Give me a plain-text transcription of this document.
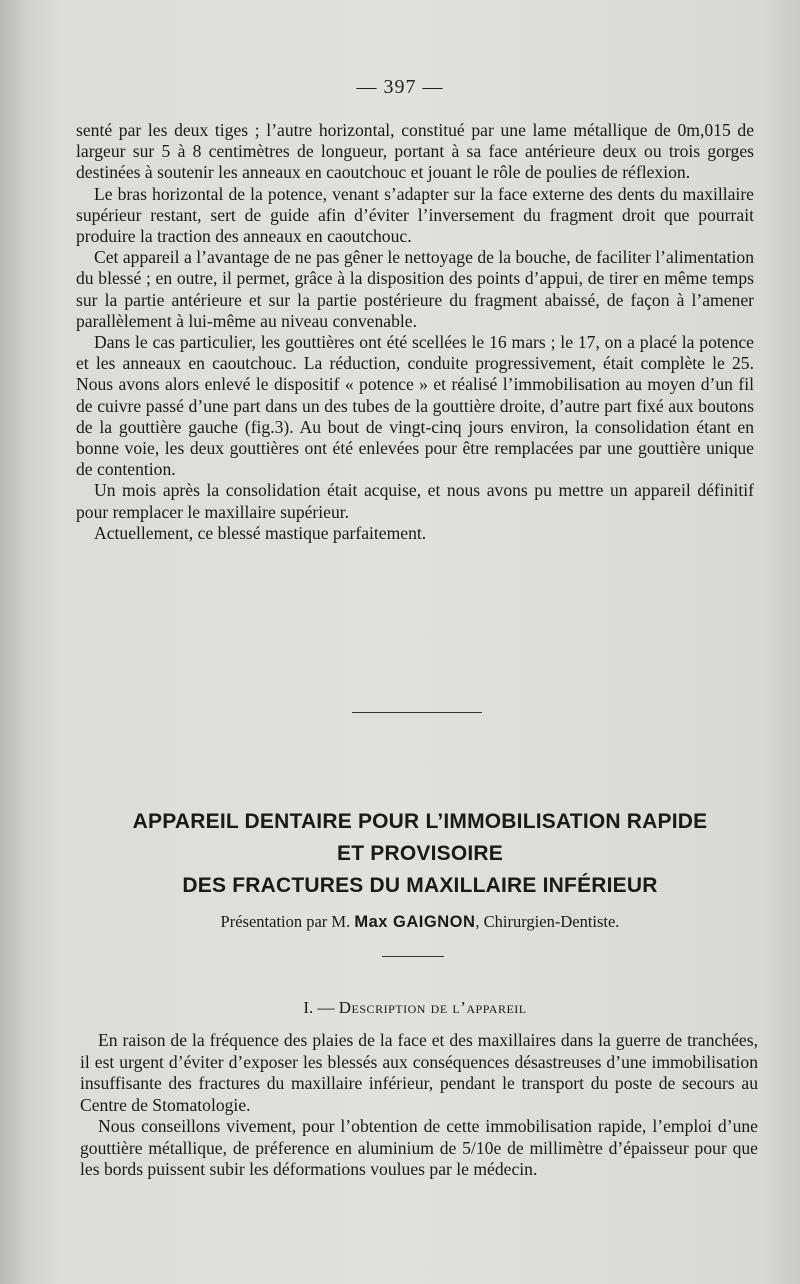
— 397 —

senté par les deux tiges ; l’autre horizontal, constitué par une lame métallique de 0m,015 de largeur sur 5 à 8 centimètres de longueur, portant à sa face antérieure deux ou trois gorges destinées à soutenir les anneaux en caoutchouc et jouant le rôle de poulies de réflexion.

Le bras horizontal de la potence, venant s’adapter sur la face externe des dents du maxillaire supérieur restant, sert de guide afin d’éviter l’inversement du fragment droit que pourrait produire la traction des anneaux en caoutchouc.

Cet appareil a l’avantage de ne pas gêner le nettoyage de la bouche, de faciliter l’alimentation du blessé ; en outre, il permet, grâce à la disposition des points d’appui, de tirer en même temps sur la partie antérieure et sur la partie postérieure du fragment abaissé, de façon à l’amener parallèlement à lui-même au niveau convenable.

Dans le cas particulier, les gouttières ont été scellées le 16 mars ; le 17, on a placé la potence et les anneaux en caoutchouc. La réduction, conduite progressivement, était complète le 25. Nous avons alors enlevé le dispositif « potence » et réalisé l’immobilisation au moyen d’un fil de cuivre passé d’une part dans un des tubes de la gouttière droite, d’autre part fixé aux boutons de la gouttière gauche (fig.3). Au bout de vingt-cinq jours environ, la consolidation étant en bonne voie, les deux gouttières ont été enlevées pour être remplacées par une gouttière unique de contention.

Un mois après la consolidation était acquise, et nous avons pu mettre un appareil définitif pour remplacer le maxillaire supérieur.

Actuellement, ce blessé mastique parfaitement.

APPAREIL DENTAIRE POUR L’IMMOBILISATION RAPIDE
ET PROVISOIRE
DES FRACTURES DU MAXILLAIRE INFÉRIEUR
Présentation par M. Max GAIGNON, Chirurgien-Dentiste.
I. — Description de l’appareil

En raison de la fréquence des plaies de la face et des maxillaires dans la guerre de tranchées, il est urgent d’éviter d’exposer les blessés aux conséquences désastreuses d’une immobilisation insuffisante des fractures du maxillaire inférieur, pendant le transport du poste de secours au Centre de Stomatologie.

Nous conseillons vivement, pour l’obtention de cette immobilisation rapide, l’emploi d’une gouttière métallique, de préference en aluminium de 5/10e de millimètre d’épaisseur pour que les bords puissent subir les déformations voulues par le médecin.
